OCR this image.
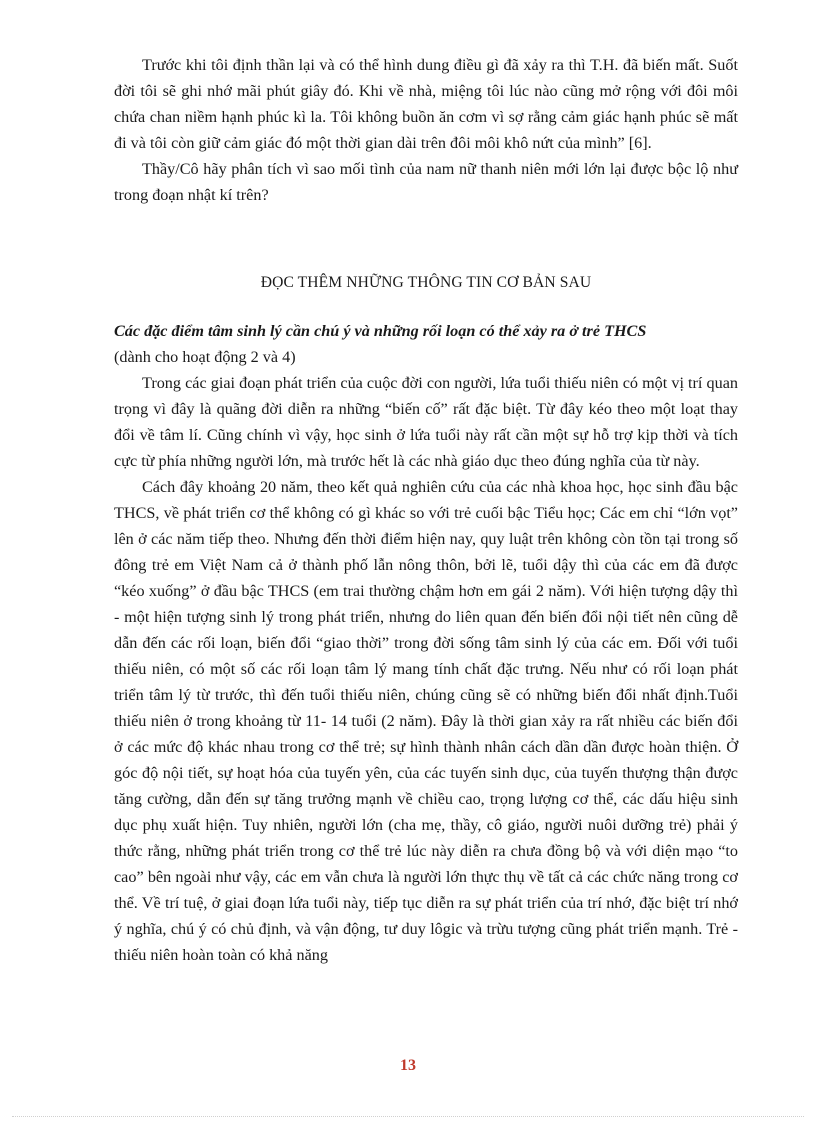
Trước khi tôi định thần lại và có thể hình dung điều gì đã xảy ra thì T.H. đã biến mất. Suốt đời tôi sẽ ghi nhớ mãi phút giây đó. Khi về nhà, miệng tôi lúc nào cũng mở rộng với đôi môi chứa chan niềm hạnh phúc kì la. Tôi không buồn ăn cơm vì sợ rằng cảm giác hạnh phúc sẽ mất đi và tôi còn giữ cảm giác đó một thời gian dài trên đôi môi khô nứt của mình” [6].

Thầy/Cô hãy phân tích vì sao mối tình của nam nữ thanh niên mới lớn lại được bộc lộ như trong đoạn nhật kí trên?

ĐỌC THÊM NHỮNG THÔNG TIN CƠ BẢN SAU
Các đặc điểm tâm sinh lý cần chú ý và những rối loạn có thể xảy ra ở trẻ THCS

(dành cho hoạt động 2 và 4)

Trong các giai đoạn phát triển của cuộc đời con người, lứa tuổi thiếu niên có một vị trí quan trọng vì đây là quãng đời diễn ra những “biến cố” rất đặc biệt. Từ đây kéo theo một loạt thay đổi về tâm lí. Cũng chính vì vậy, học sinh ở lứa tuổi này rất cần một sự hỗ trợ kịp thời và tích cực từ phía những người lớn, mà trước hết là các nhà giáo dục theo đúng nghĩa của từ này.

Cách đây khoảng 20 năm, theo kết quả nghiên cứu của các nhà khoa học, học sinh đầu bậc THCS, về phát triển cơ thể không có gì khác so với trẻ cuối bậc Tiểu học; Các em chỉ “lớn vọt” lên ở các năm tiếp theo. Nhưng đến thời điểm hiện nay, quy luật trên không còn tồn tại trong số đông trẻ em Việt Nam cả ở thành phố lẫn nông thôn, bởi lẽ, tuổi dậy thì của các em đã được “kéo xuống” ở đầu bậc THCS (em trai thường chậm hơn em gái 2 năm). Với hiện tượng dậy thì - một hiện tượng sinh lý trong phát triển, nhưng do liên quan đến biến đổi nội tiết nên cũng dễ dẫn đến các rối loạn, biến đổi “giao thời” trong đời sống tâm sinh lý của các em. Đối với tuổi thiếu niên, có một số các rối loạn tâm lý mang tính chất đặc trưng. Nếu như có rối loạn phát triển tâm lý từ trước, thì đến tuổi thiếu niên, chúng cũng sẽ có những biến đổi nhất định.Tuổi thiếu niên ở trong khoảng từ 11- 14 tuổi (2 năm). Đây là thời gian xảy ra rất nhiều các biến đổi ở các mức độ khác nhau trong cơ thể trẻ; sự hình thành nhân cách dần dần được hoàn thiện. Ở góc độ nội tiết, sự hoạt hóa của tuyến yên, của các tuyến sinh dục, của tuyến thượng thận được tăng cường, dẫn đến sự tăng trưởng mạnh về chiều cao, trọng lượng cơ thể, các dấu hiệu sinh dục phụ xuất hiện. Tuy nhiên, người lớn (cha mẹ, thầy, cô giáo, người nuôi dưỡng trẻ) phải ý thức rằng, những phát triển trong cơ thể trẻ lúc này diễn ra chưa đồng bộ và với diện mạo “to cao” bên ngoài như vậy, các em vẫn chưa là người lớn thực thụ về tất cả các chức năng trong cơ thể. Về trí tuệ, ở giai đoạn lứa tuổi này, tiếp tục diễn ra sự phát triển của trí nhớ, đặc biệt trí nhớ ý nghĩa, chú ý có chủ định, và vận động, tư duy lôgic và trừu tượng cũng phát triển mạnh. Trẻ - thiếu niên hoàn toàn có khả năng

13
